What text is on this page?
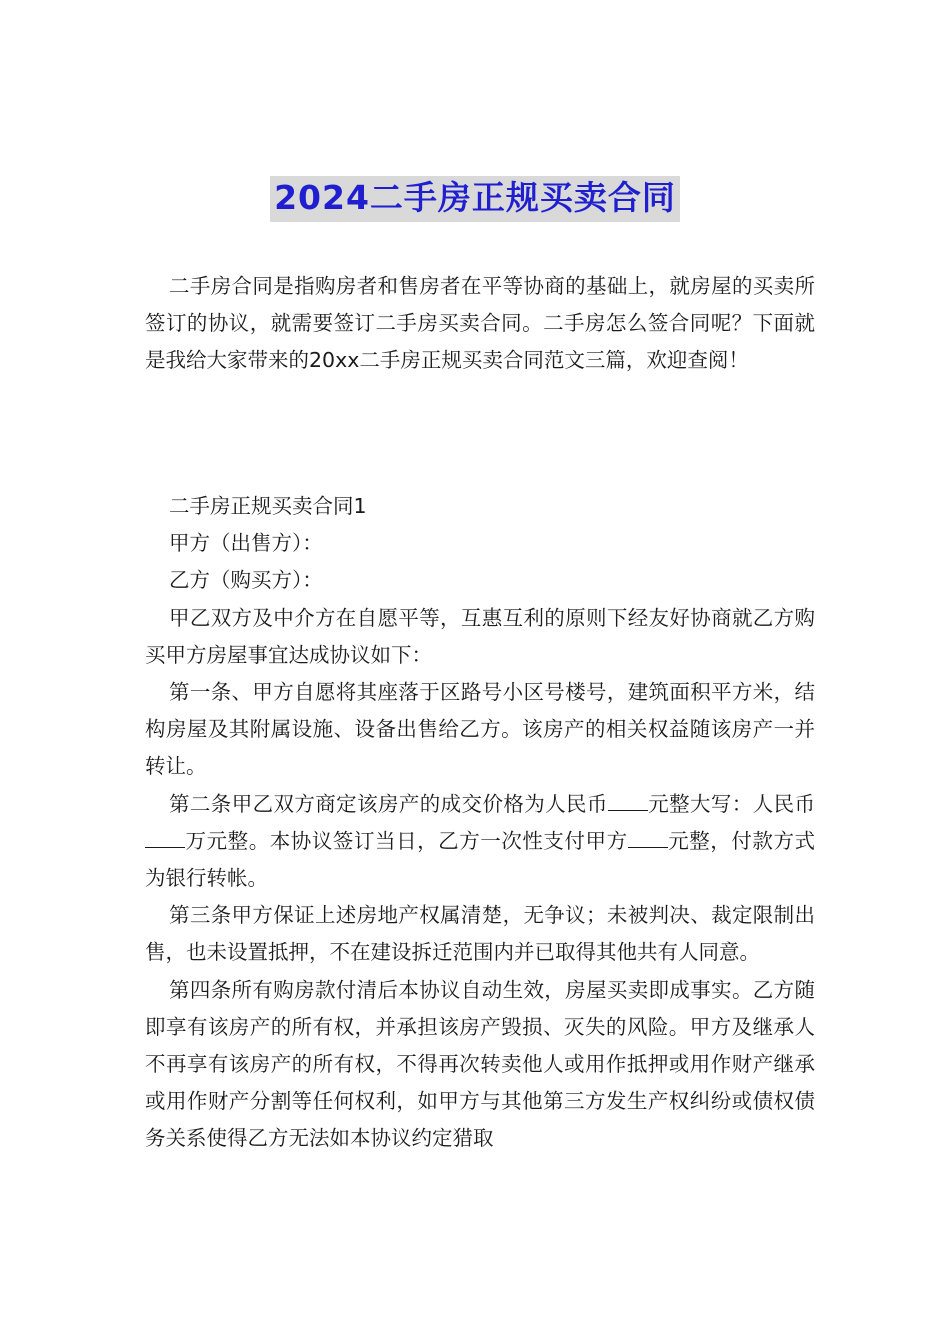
2024二手房正规买卖合同

二手房合同是指购房者和售房者在平等协商的基础上，就房屋的买卖所签订的协议，就需要签订二手房买卖合同。二手房怎么签合同呢？下面就是我给大家带来的20xx二手房正规买卖合同范文三篇，欢迎查阅！

二手房正规买卖合同1

甲方（出售方）：

乙方（购买方）：

甲乙双方及中介方在自愿平等，互惠互利的原则下经友好协商就乙方购买甲方房屋事宜达成协议如下：

第一条、甲方自愿将其座落于区路号小区号楼号，建筑面积平方米，结构房屋及其附属设施、设备出售给乙方。该房产的相关权益随该房产一并转让。

第二条甲乙双方商定该房产的成交价格为人民币 元整大写：人民币万元整。本协议签订当日，乙方一次性支付甲方 元整，付款方式为银行转帐。

第三条甲方保证上述房地产权属清楚，无争议；未被判决、裁定限制出售，也未设置抵押，不在建设拆迁范围内并已取得其他共有人同意。

第四条所有购房款付清后本协议自动生效，房屋买卖即成事实。乙方随即享有该房产的所有权，并承担该房产毁损、灭失的风险。甲方及继承人不再享有该房产的所有权，不得再次转卖他人或用作抵押或用作财产继承或用作财产分割等任何权利，如甲方与其他第三方发生产权纠纷或债权债务关系使得乙方无法如本协议约定猎取
